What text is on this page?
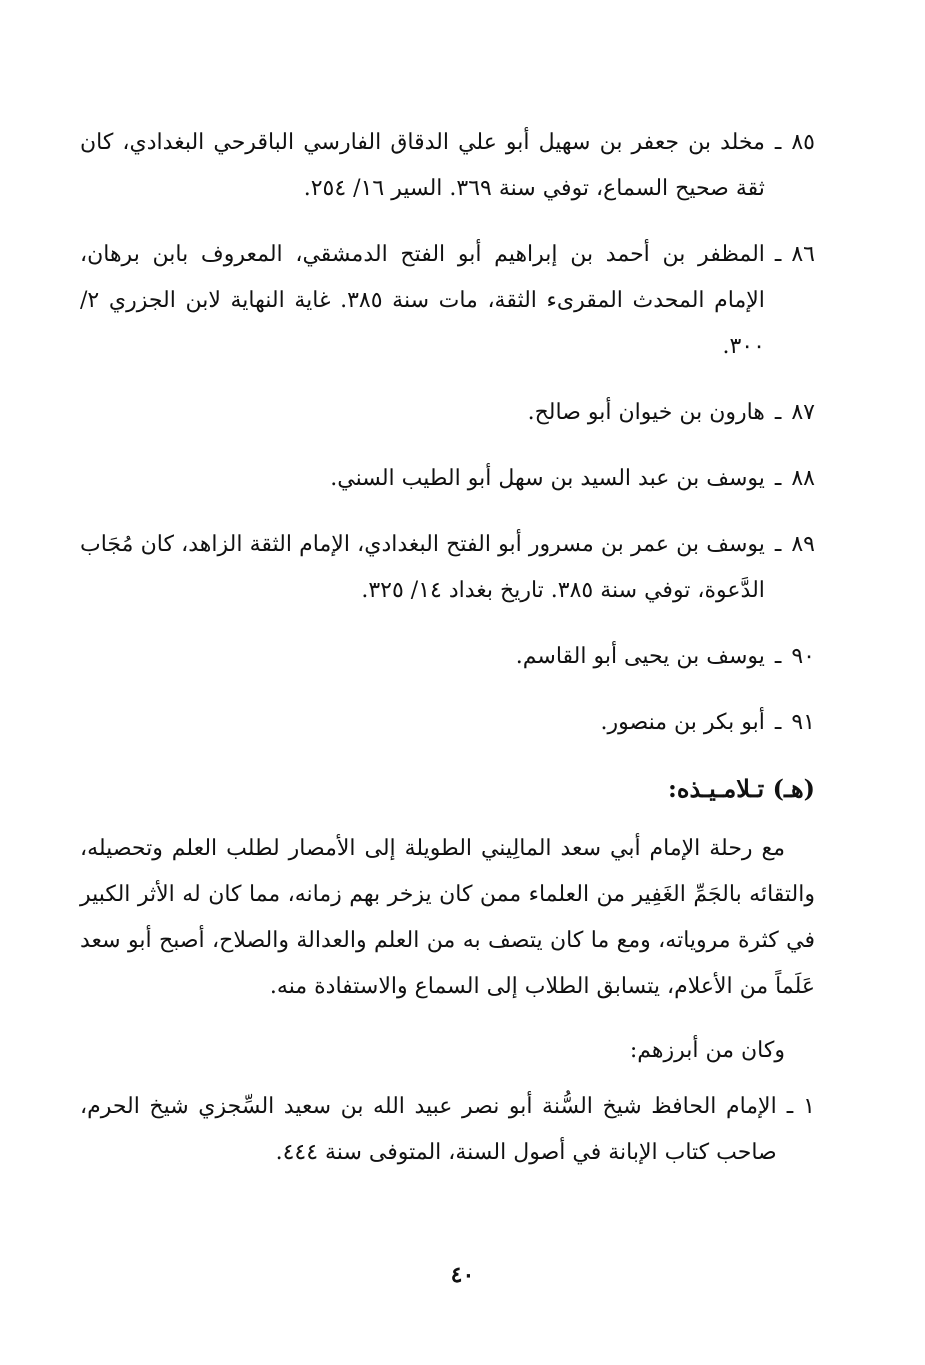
٨٥
ـ
مخلد بن جعفر بن سهيل أبو علي الدقاق الفارسي الباقرحي البغدادي، كان ثقة صحيح السماع، توفي سنة ٣٦٩. السير ١٦/ ٢٥٤.
٨٦
ـ
المظفر بن أحمد بن إبراهيم أبو الفتح الدمشقي، المعروف بابن برهان، الإمام المحدث المقرىء الثقة، مات سنة ٣٨٥. غاية النهاية لابن الجزري ٢/ ٣٠٠.
٨٧
ـ
هارون بن خيوان أبو صالح.
٨٨
ـ
يوسف بن عبد السيد بن سهل أبو الطيب السني.
٨٩
ـ
يوسف بن عمر بن مسرور أبو الفتح البغدادي، الإمام الثقة الزاهد، كان مُجَاب الدَّعوة، توفي سنة ٣٨٥. تاريخ بغداد ١٤/ ٣٢٥.
٩٠
ـ
يوسف بن يحيى أبو القاسم.
٩١
ـ
أبو بكر بن منصور.
(هـ) تـلامـيـذه:

مع رحلة الإمام أبي سعد المالِيني الطويلة إلى الأمصار لطلب العلم وتحصيله، والتقائه بالجَمِّ الغَفِير من العلماء ممن كان يزخر بهم زمانه، مما كان له الأثر الكبير في كثرة مروياته، ومع ما كان يتصف به من العلم والعدالة والصلاح، أصبح أبو سعد عَلَماً من الأعلام، يتسابق الطلاب إلى السماع والاستفادة منه.

وكان من أبرزهم:

١
ـ
الإمام الحافظ شيخ السُّنة أبو نصر عبيد الله بن سعيد السِّجزي شيخ الحرم، صاحب كتاب الإبانة في أصول السنة، المتوفى سنة ٤٤٤.
٤٠
